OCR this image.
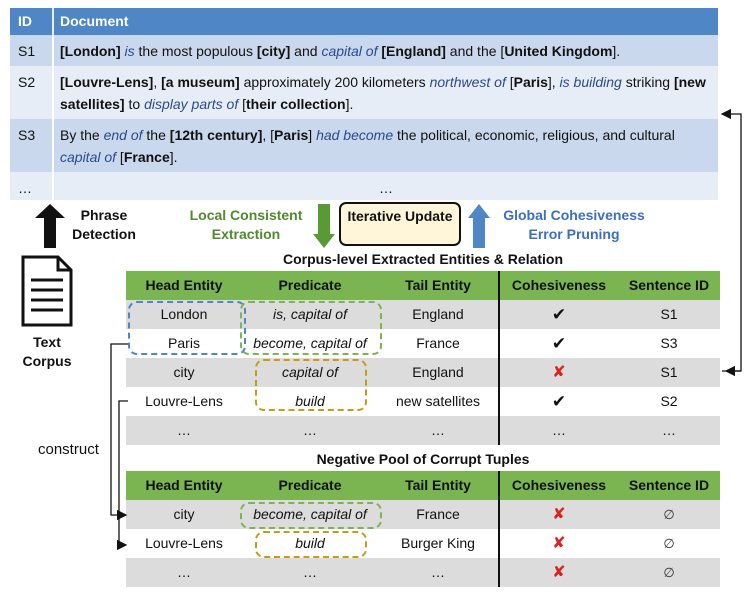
ID	Document
S1	[London] is the most populous [city] and capital of [England] and the [United Kingdom].
S2	[Louvre-Lens], [a museum] approximately 200 kilometers northwest of [Paris], is building striking [new satellites] to display parts of [their collection].
S3	By the end of the [12th century], [Paris] had become the political, economic, religious, and cultural capital of [France].
…	…
Phrase Detection
Text Corpus
Local Consistent Extraction
Iterative Update	Global Cohesiveness Error Pruning
Corpus-level Extracted Entities & Relation
Head Entity	Predicate	Tail Entity	Cohesiveness	Sentence ID
London	is, capital of	England	✔	S1
Paris	become, capital of	France	✔	S3
city	capital of	England	✘	S1
Louvre-Lens	build	new satellites	✔	S2
…	…	…	…	…
Negative Pool of Corrupt Tuples
Head Entity	Predicate	Tail Entity	Cohesiveness	Sentence ID
city	become, capital of	France	✘	∅
Louvre-Lens	build	Burger King	✘	∅
…	…	…	✘	∅
construct
